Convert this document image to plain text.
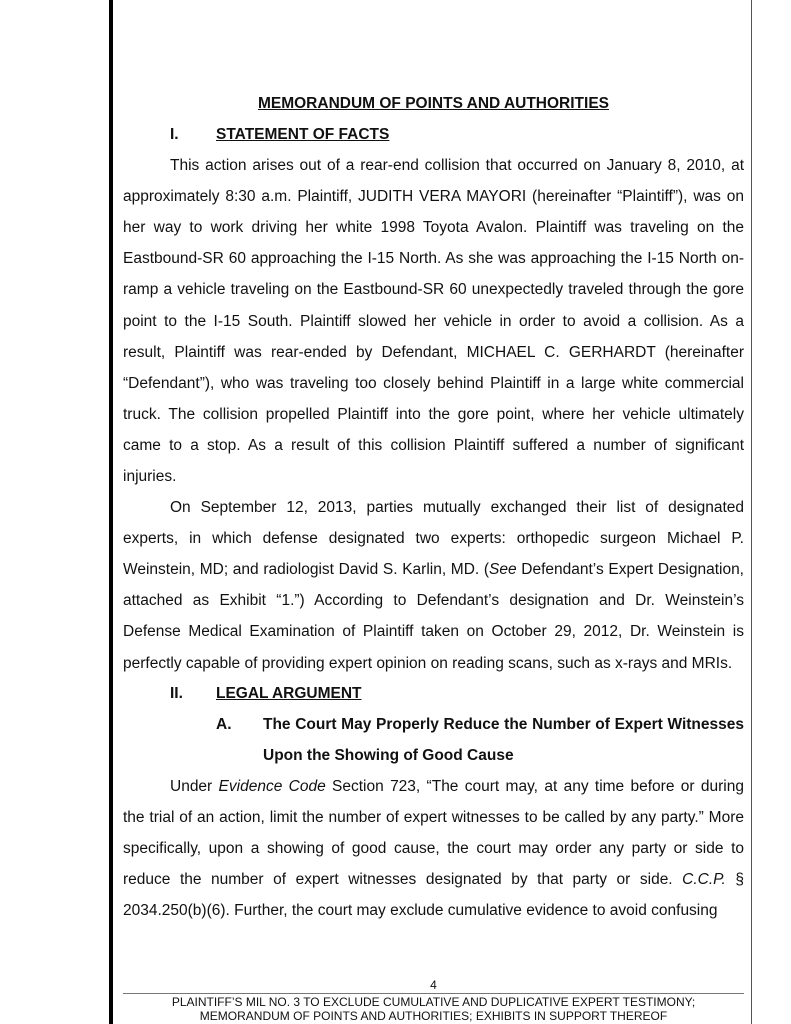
MEMORANDUM OF POINTS AND AUTHORITIES
I. STATEMENT OF FACTS
This action arises out of a rear-end collision that occurred on January 8, 2010, at
approximately 8:30 a.m. Plaintiff, JUDITH VERA MAYORI (hereinafter “Plaintiff”), was on
her way to work driving her white 1998 Toyota Avalon. Plaintiff was traveling on the
Eastbound-SR 60 approaching the I-15 North. As she was approaching the I-15 North on-
ramp a vehicle traveling on the Eastbound-SR 60 unexpectedly traveled through the gore
point to the I-15 South. Plaintiff slowed her vehicle in order to avoid a collision. As a
result, Plaintiff was rear-ended by Defendant, MICHAEL C. GERHARDT (hereinafter
“Defendant”), who was traveling too closely behind Plaintiff in a large white commercial
truck. The collision propelled Plaintiff into the gore point, where her vehicle ultimately
came to a stop. As a result of this collision Plaintiff suffered a number of significant
injuries.
On September 12, 2013, parties mutually exchanged their list of designated
experts, in which defense designated two experts: orthopedic surgeon Michael P.
Weinstein, MD; and radiologist David S. Karlin, MD. (See Defendant’s Expert Designation,
attached as Exhibit “1.”) According to Defendant’s designation and Dr. Weinstein’s
Defense Medical Examination of Plaintiff taken on October 29, 2012, Dr. Weinstein is
perfectly capable of providing expert opinion on reading scans, such as x-rays and MRIs.
II. LEGAL ARGUMENT
A. The Court May Properly Reduce the Number of Expert Witnesses
Upon the Showing of Good Cause
Under Evidence Code Section 723, “The court may, at any time before or during
the trial of an action, limit the number of expert witnesses to be called by any party.” More
specifically, upon a showing of good cause, the court may order any party or side to
reduce the number of expert witnesses designated by that party or side. C.C.P. §
2034.250(b)(6). Further, the court may exclude cumulative evidence to avoid confusing
4
PLAINTIFF’S MIL NO. 3 TO EXCLUDE CUMULATIVE AND DUPLICATIVE EXPERT TESTIMONY;
MEMORANDUM OF POINTS AND AUTHORITIES; EXHIBITS IN SUPPORT THEREOF
